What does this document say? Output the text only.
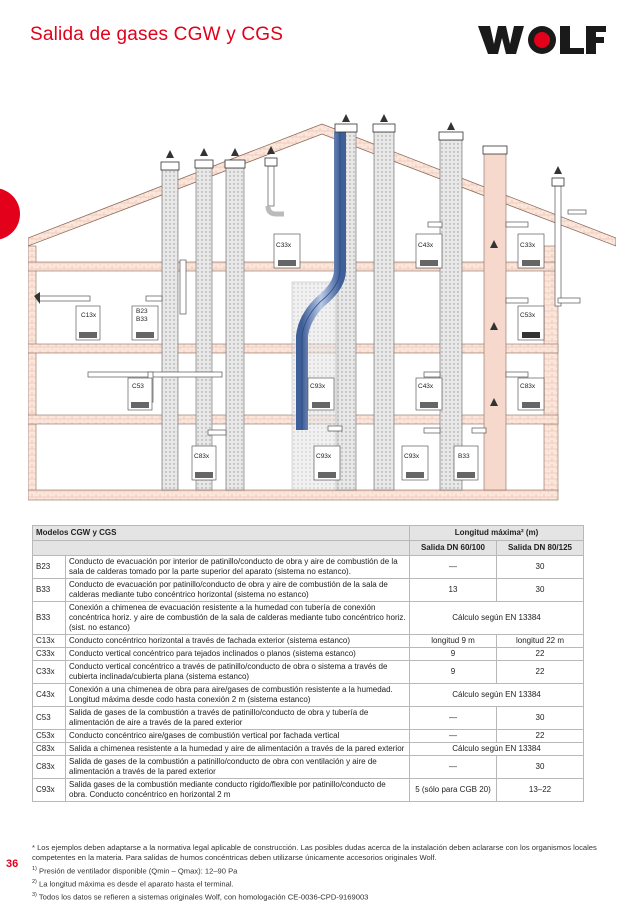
Salida de gases CGW y CGS
C13x
B23
B33
C53
C83x
C33x
C93x
C93x	C93x	B33
C43x
C43x
C33x
C53x
C83x
Modelos CGW y CGS		Longitud máxima² (m)	
		Salida DN 60/100	Salida DN 80/125
B23	Conducto de evacuación por interior de patinillo/conducto de obra y aire de combustión de la sala de calderas tomado por la parte superior del aparato (sistema no estanco).	—	30
B33	Conducto de evacuación por patinillo/conducto de obra y aire de combustión de la sala de calderas mediante tubo concéntrico horizontal (sistema no estanco)	13	30
B33	Conexión a chimenea de evacuación resistente a la humedad con tubería de conexión concéntrica horiz. y aire de combustión de la sala de calderas mediante tubo concéntrico horiz. (sist. no estanco)	Cálculo según EN 13384	
C13x	Conducto concéntrico horizontal a través de fachada exterior (sistema estanco)	longitud 9 m	longitud 22 m
C33x	Conducto vertical concéntrico para tejados inclinados o planos (sistema estanco)	9	22
C33x	Conducto vertical concéntrico a través de patinillo/conducto de obra o sistema a través de cubierta inclinada/cubierta plana (sistema estanco)	9	22
C43x	Conexión a una chimenea de obra para aire/gases de combustión resistente a la humedad. Longitud máxima desde codo hasta conexión 2 m (sistema estanco)	Cálculo según EN 13384	
C53	Salida de gases de la combustión a través de patinillo/conducto de obra y tubería de alimentación de aire a través de la pared exterior	—	30
C53x	Conducto concéntrico aire/gases de combustión vertical por fachada vertical	—	22
C83x	Salida a chimenea resistente a la humedad y aire de alimentación a través de la pared exterior	Cálculo según EN 13384	
C83x	Salida de gases de la combustión a patinillo/conducto de obra con ventilación y aire de alimentación a través de la pared exterior	—	30
C93x	Salida gases de la combustión mediante conducto rígido/flexible por patinillo/conducto de obra. Conducto concéntrico en horizontal 2 m	5 (sólo para CGB 20)	13–22

* Los ejemplos deben adaptarse a la normativa legal aplicable de construcción. Las posibles dudas acerca de la instalación deben aclararse con los organismos locales competentes en la materia. Para salidas de humos concéntricas deben utilizarse únicamente accesorios originales Wolf.

$^{1)}$ Presión de ventilador disponible (Qmin – Qmax): 12–90 Pa

$^{2)}$ La longitud máxima es desde el aparato hasta el terminal.

$^{3)}$ Todos los datos se refieren a sistemas originales Wolf, con homologación CE-0036-CPD-9169003

36
